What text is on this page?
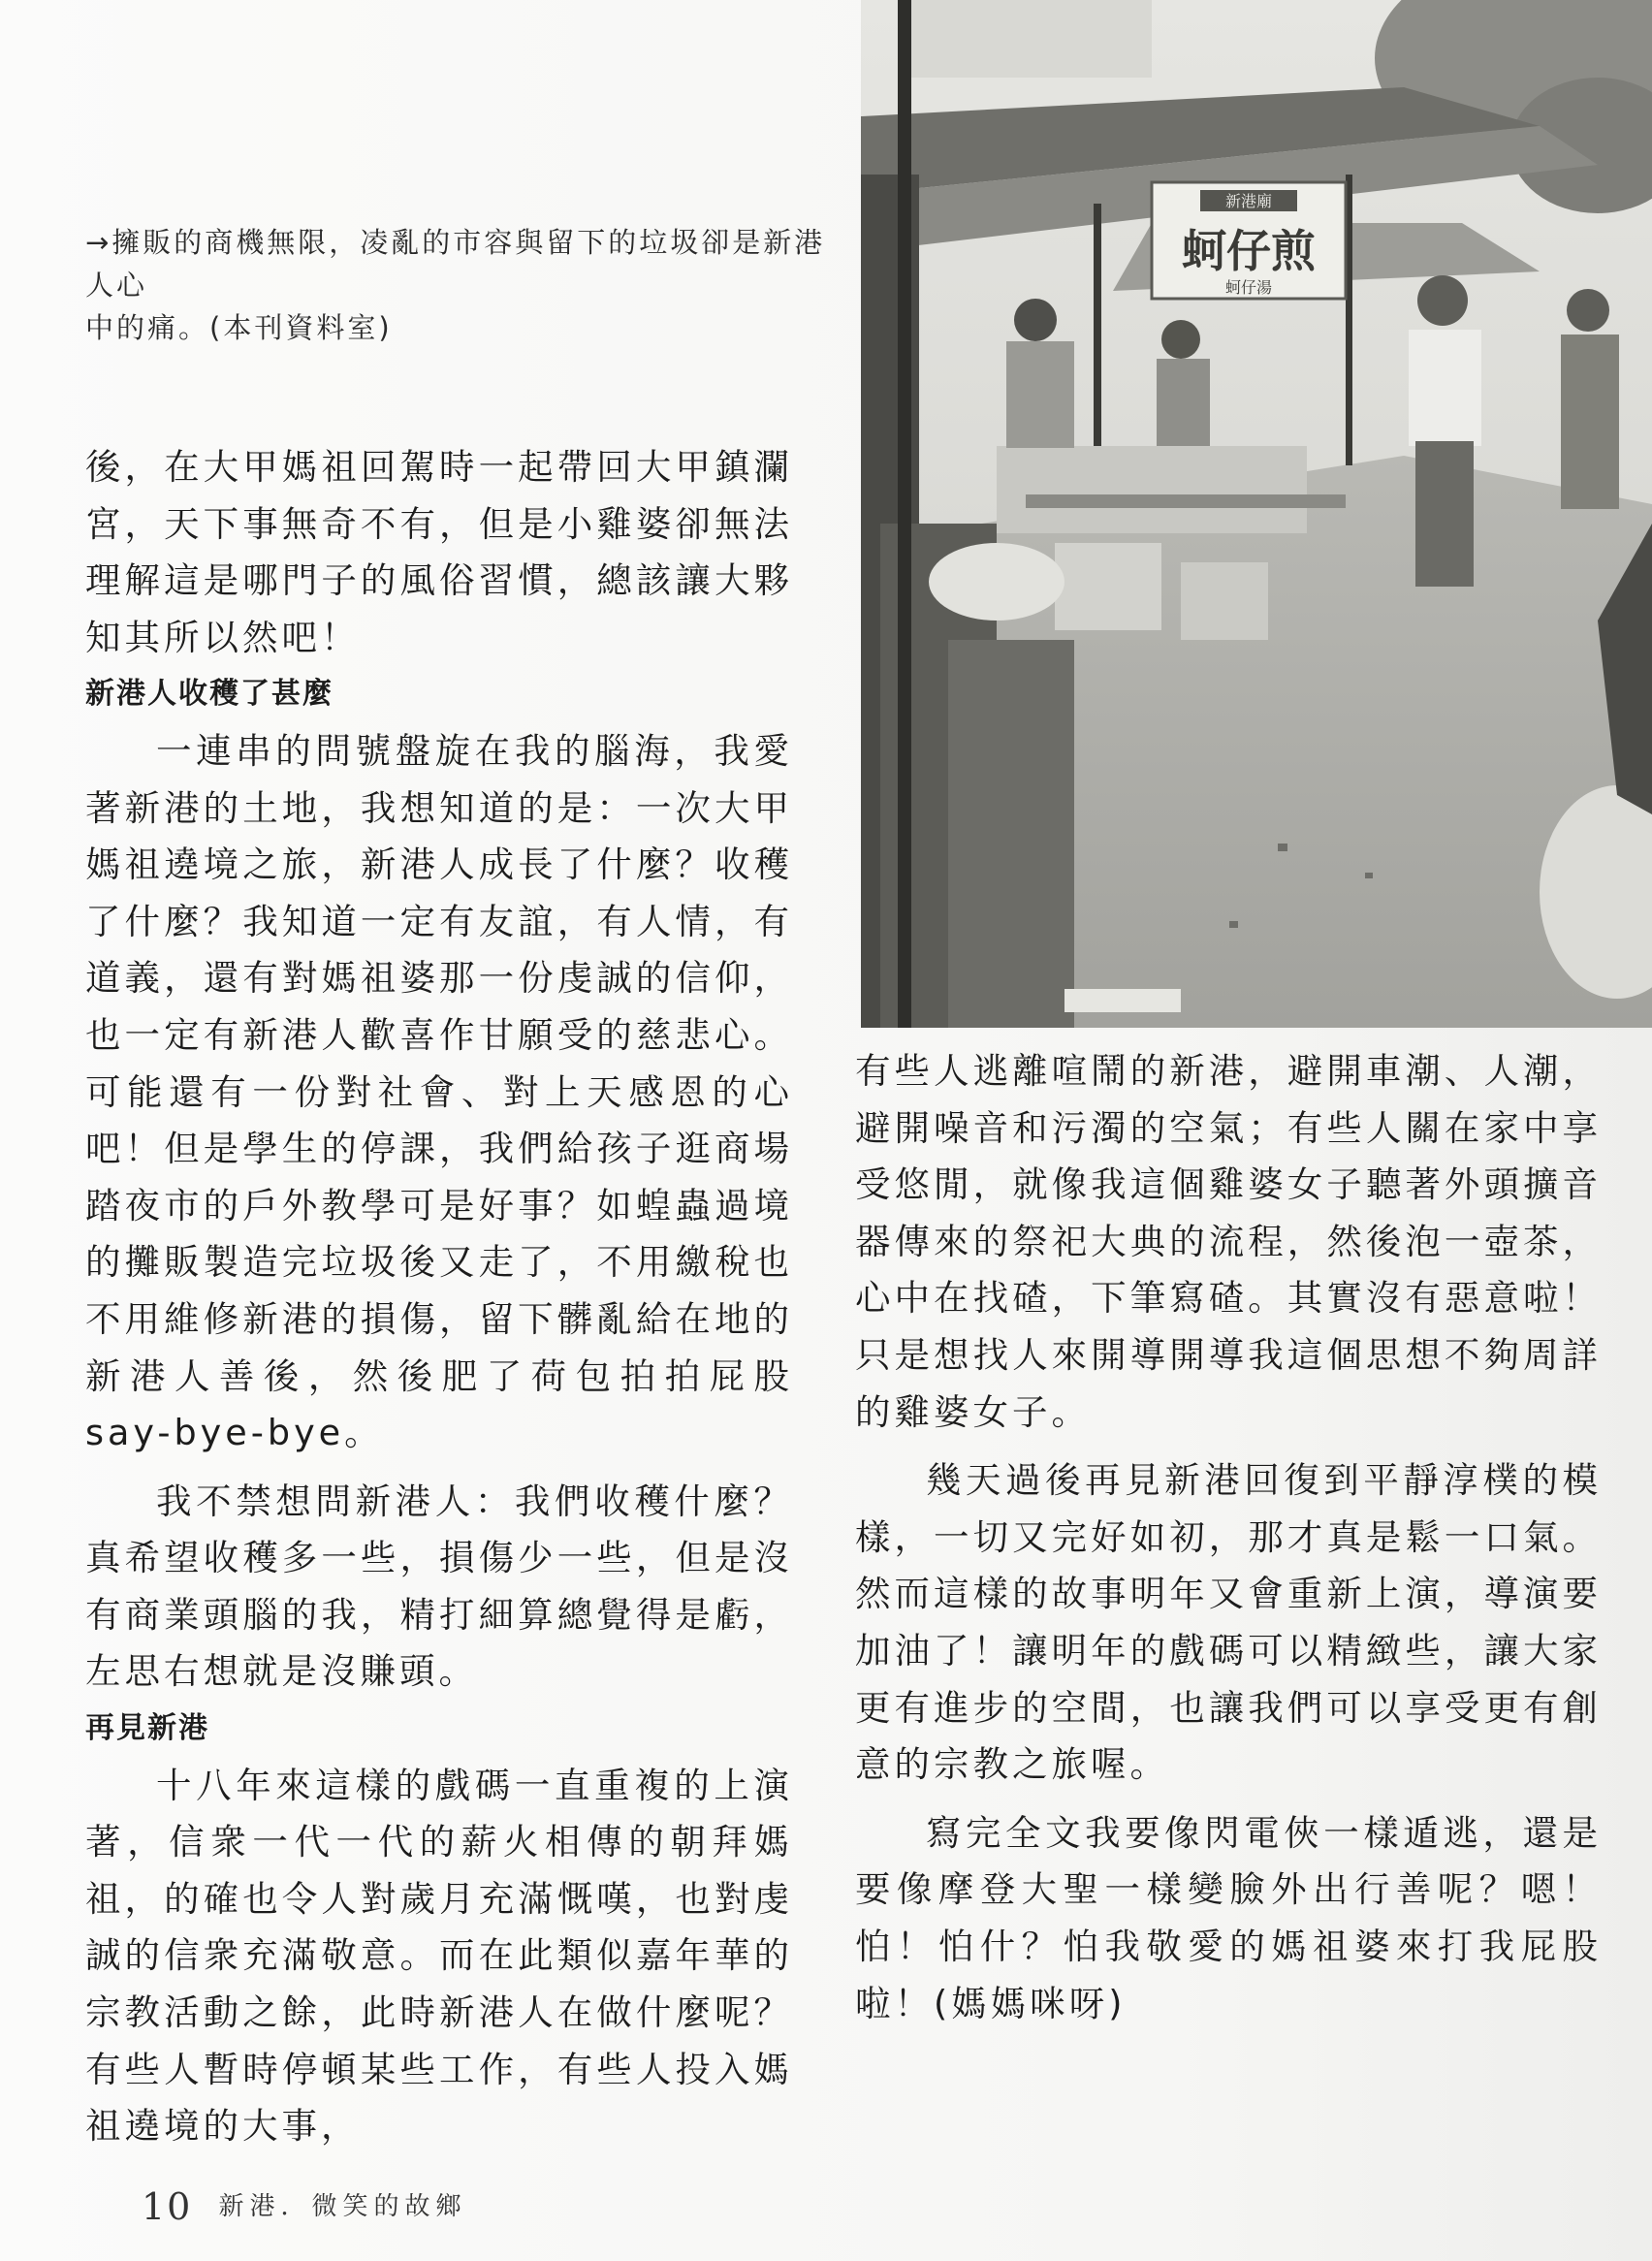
新港廟
蚵仔煎
蚵仔湯
→擁販的商機無限，凌亂的市容與留下的垃圾卻是新港人心
中的痛。(本刊資料室)

後，在大甲媽祖回駕時一起帶回大甲鎮瀾宮，天下事無奇不有，但是小雞婆卻無法理解這是哪門子的風俗習慣，總該讓大夥知其所以然吧！

新港人收穫了甚麼

一連串的問號盤旋在我的腦海，我愛著新港的土地，我想知道的是：一次大甲媽祖遶境之旅，新港人成長了什麼？收穫了什麼？我知道一定有友誼，有人情，有道義，還有對媽祖婆那一份虔誠的信仰，也一定有新港人歡喜作甘願受的慈悲心。可能還有一份對社會、對上天感恩的心吧！但是學生的停課，我們給孩子逛商場踏夜市的戶外教學可是好事？如蝗蟲過境的攤販製造完垃圾後又走了，不用繳稅也不用維修新港的損傷，留下髒亂給在地的新港人善後，然後肥了荷包拍拍屁股say-bye-bye。

我不禁想問新港人：我們收穫什麼？真希望收穫多一些，損傷少一些，但是沒有商業頭腦的我，精打細算總覺得是虧，左思右想就是沒賺頭。

再見新港

十八年來這樣的戲碼一直重複的上演著，信衆一代一代的薪火相傳的朝拜媽祖，的確也令人對歲月充滿慨嘆，也對虔誠的信衆充滿敬意。而在此類似嘉年華的宗教活動之餘，此時新港人在做什麼呢？有些人暫時停頓某些工作，有些人投入媽祖遶境的大事，

有些人逃離喧鬧的新港，避開車潮、人潮，避開噪音和污濁的空氣；有些人關在家中享受悠閒，就像我這個雞婆女子聽著外頭擴音器傳來的祭祀大典的流程，然後泡一壺茶，心中在找碴，下筆寫碴。其實沒有惡意啦！只是想找人來開導開導我這個思想不夠周詳的雞婆女子。

幾天過後再見新港回復到平靜淳樸的模樣，一切又完好如初，那才真是鬆一口氣。然而這樣的故事明年又會重新上演，導演要加油了！讓明年的戲碼可以精緻些，讓大家更有進步的空間，也讓我們可以享受更有創意的宗教之旅喔。

寫完全文我要像閃電俠一樣遁逃，還是要像摩登大聖一樣變臉外出行善呢？嗯！怕！怕什？怕我敬愛的媽祖婆來打我屁股啦！(媽媽咪呀)

10 新港．微笑的故鄉
